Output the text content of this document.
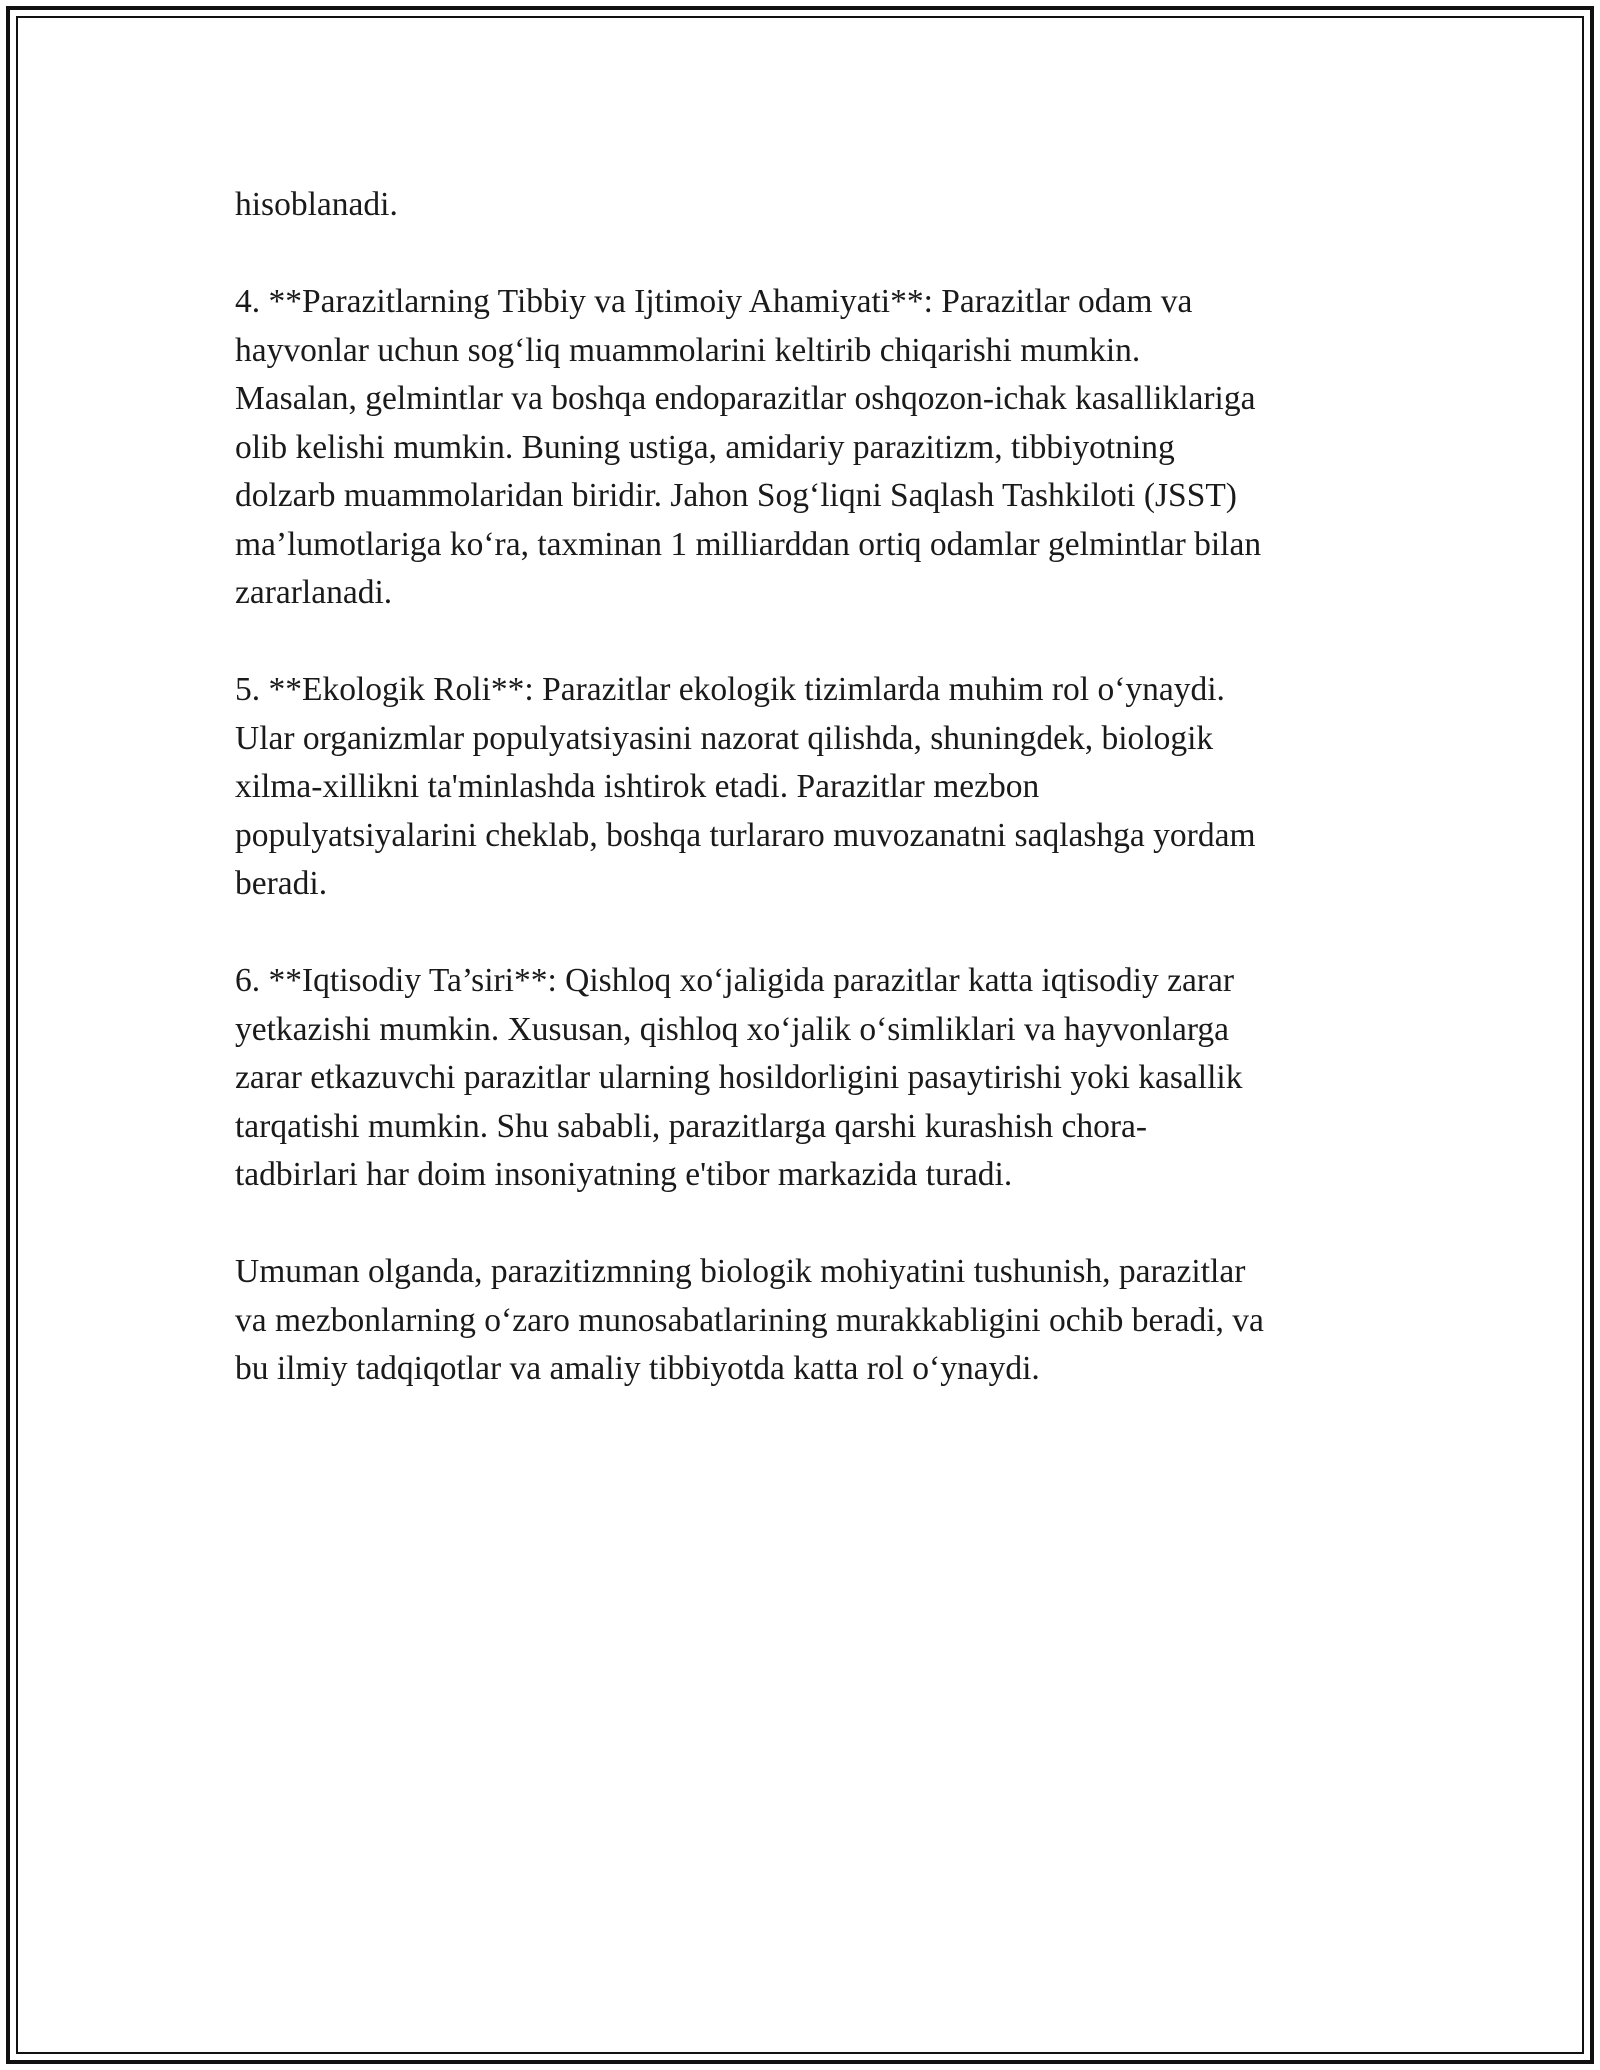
hisoblanadi.

4. **Parazitlarning Tibbiy va Ijtimoiy Ahamiyati**: Parazitlar odam va
hayvonlar uchun sog‘liq muammolarini keltirib chiqarishi mumkin.
Masalan, gelmintlar va boshqa endoparazitlar oshqozon-ichak kasalliklariga
olib kelishi mumkin. Buning ustiga, amidariy parazitizm, tibbiyotning
dolzarb muammolaridan biridir. Jahon Sog‘liqni Saqlash Tashkiloti (JSST)
ma’lumotlariga ko‘ra, taxminan 1 milliarddan ortiq odamlar gelmintlar bilan
zararlanadi.

5. **Ekologik Roli**: Parazitlar ekologik tizimlarda muhim rol o‘ynaydi.
Ular organizmlar populyatsiyasini nazorat qilishda, shuningdek, biologik
xilma-xillikni ta'minlashda ishtirok etadi. Parazitlar mezbon
populyatsiyalarini cheklab, boshqa turlararo muvozanatni saqlashga yordam
beradi.

6. **Iqtisodiy Ta’siri**: Qishloq xo‘jaligida parazitlar katta iqtisodiy zarar
yetkazishi mumkin. Xususan, qishloq xo‘jalik o‘simliklari va hayvonlarga
zarar etkazuvchi parazitlar ularning hosildorligini pasaytirishi yoki kasallik
tarqatishi mumkin. Shu sababli, parazitlarga qarshi kurashish chora-
tadbirlari har doim insoniyatning e'tibor markazida turadi.

Umuman olganda, parazitizmning biologik mohiyatini tushunish, parazitlar
va mezbonlarning o‘zaro munosabatlarining murakkabligini ochib beradi, va
bu ilmiy tadqiqotlar va amaliy tibbiyotda katta rol o‘ynaydi.
